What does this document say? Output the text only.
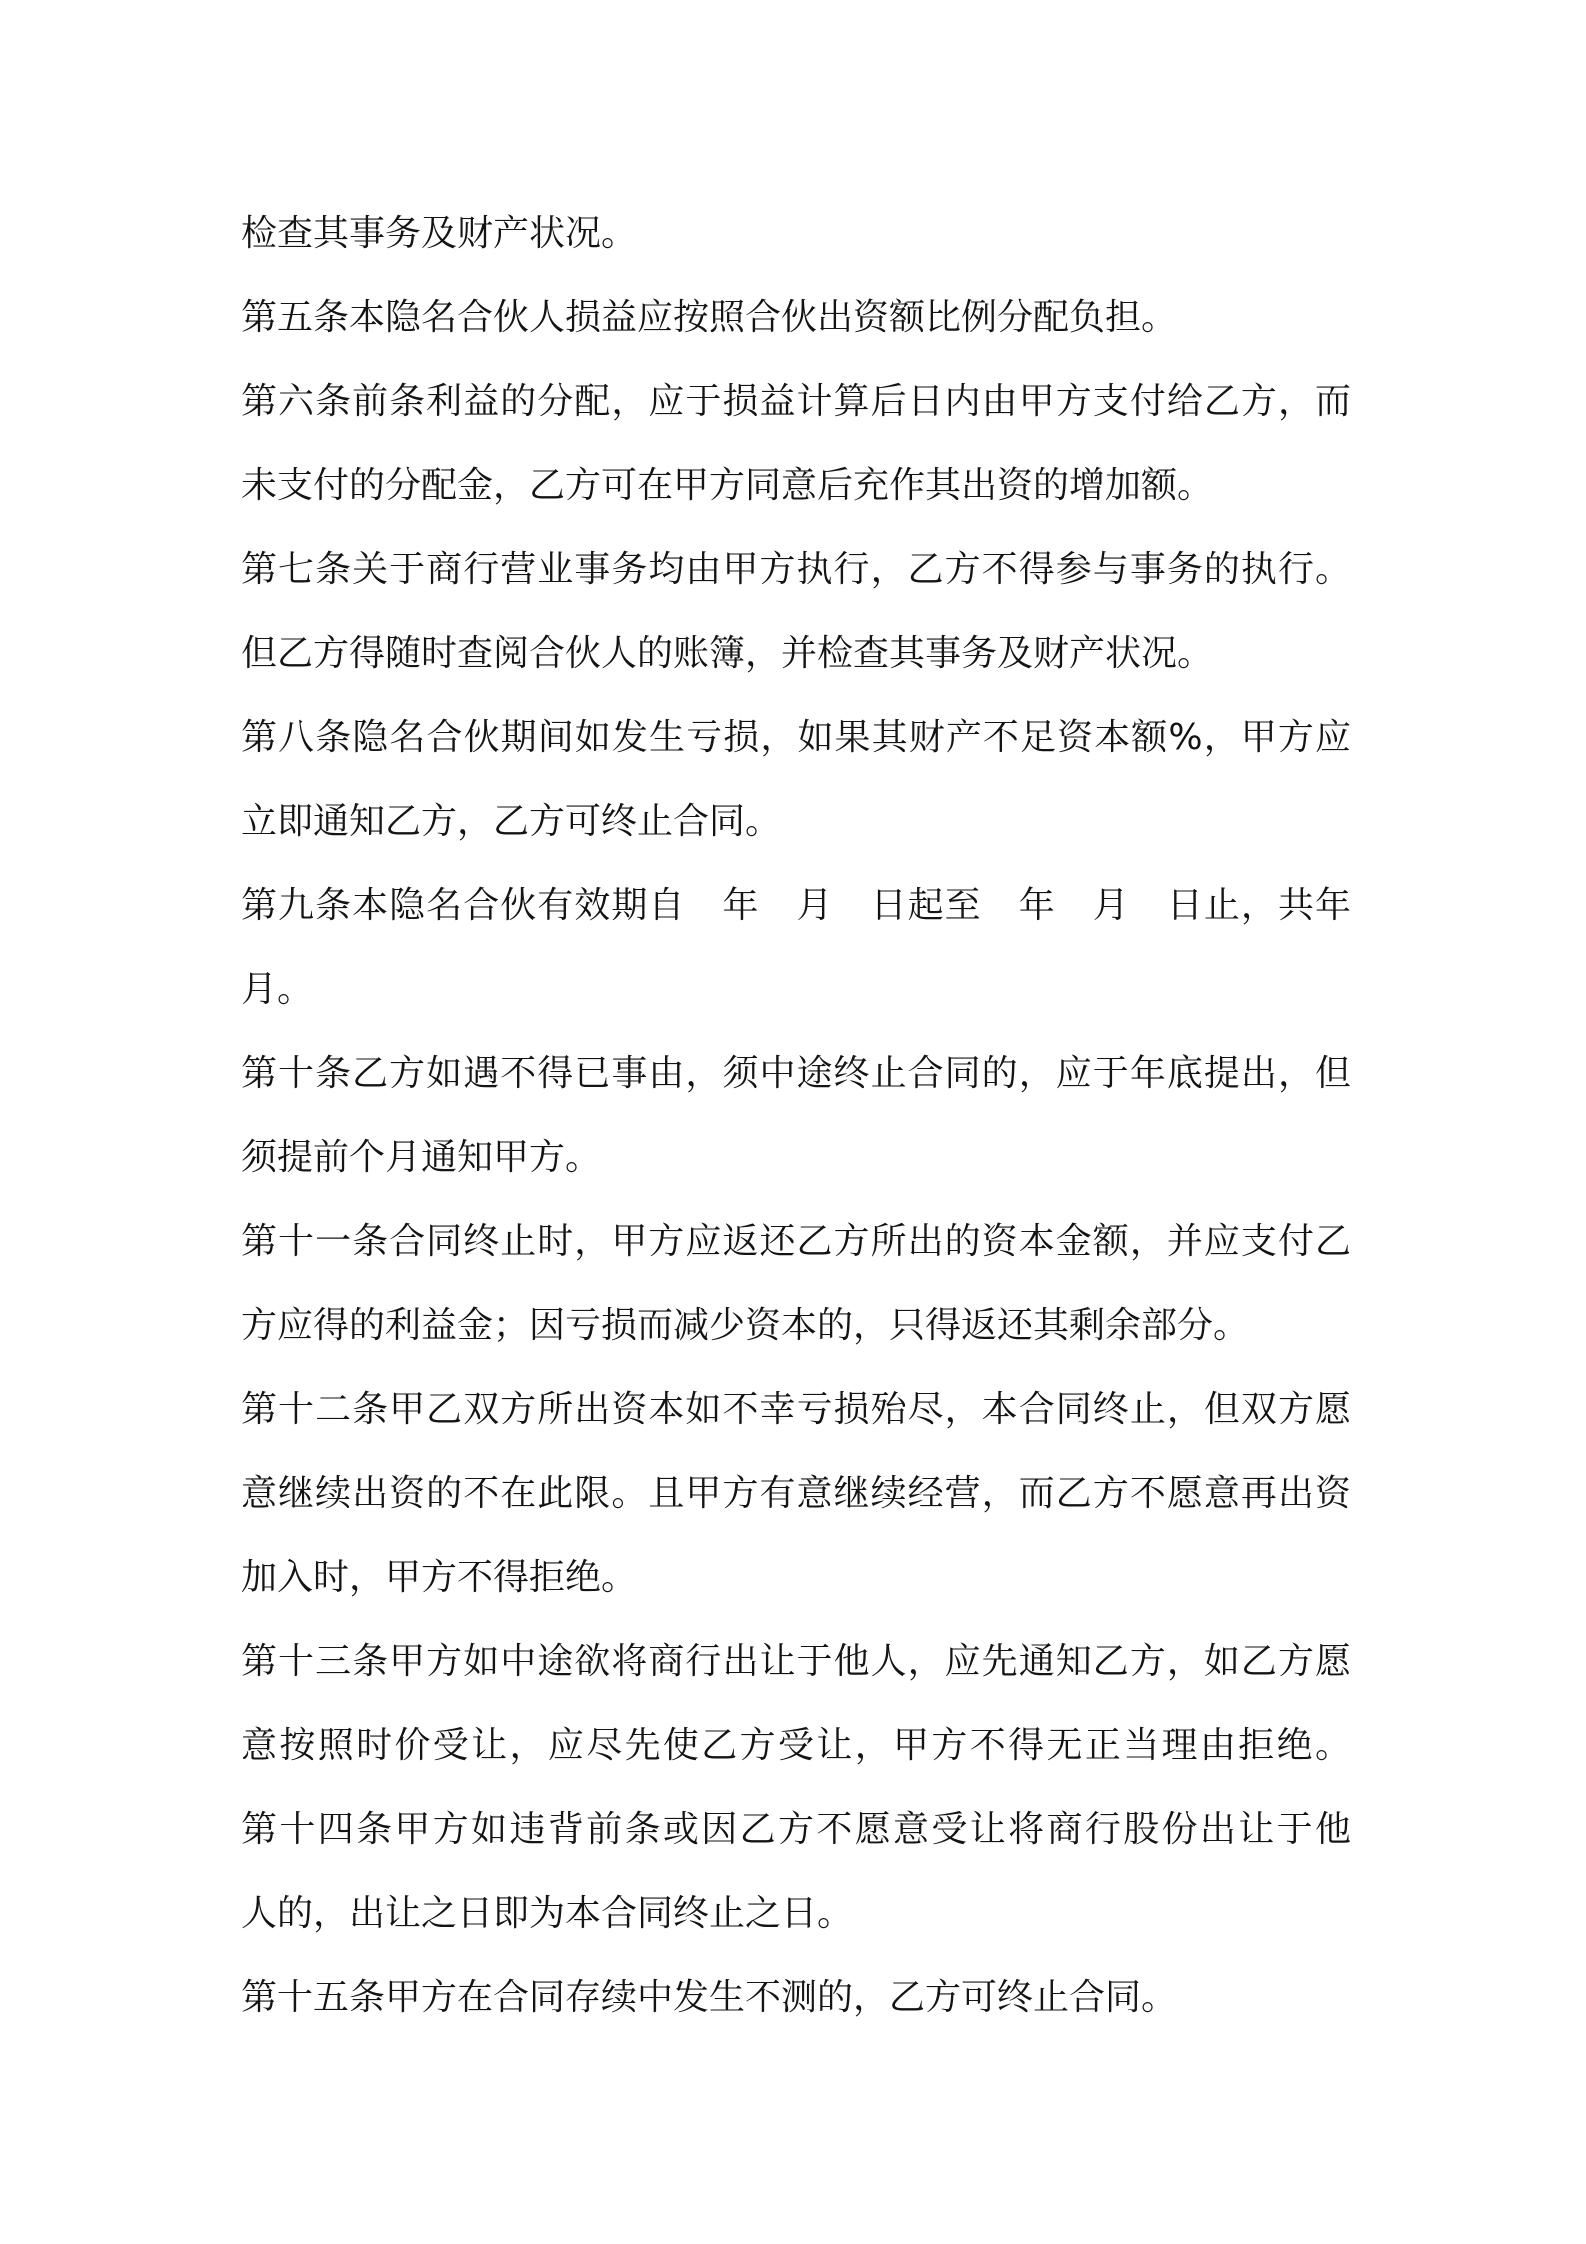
检查其事务及财产状况。
第五条本隐名合伙人损益应按照合伙出资额比例分配负担。
第六条前条利益的分配，应于损益计算后日内由甲方支付给乙方，而
未支付的分配金，乙方可在甲方同意后充作其出资的增加额。
第七条关于商行营业事务均由甲方执行，乙方不得参与事务的执行。
但乙方得随时查阅合伙人的账簿，并检查其事务及财产状况。
第八条隐名合伙期间如发生亏损，如果其财产不足资本额%，甲方应
立即通知乙方，乙方可终止合同。
第九条本隐名合伙有效期自　年　月　日起至　年　月　日止，共年
月。
第十条乙方如遇不得已事由，须中途终止合同的，应于年底提出，但
须提前个月通知甲方。
第十一条合同终止时，甲方应返还乙方所出的资本金额，并应支付乙
方应得的利益金；因亏损而减少资本的，只得返还其剩余部分。
第十二条甲乙双方所出资本如不幸亏损殆尽，本合同终止，但双方愿
意继续出资的不在此限。且甲方有意继续经营，而乙方不愿意再出资
加入时，甲方不得拒绝。
第十三条甲方如中途欲将商行出让于他人，应先通知乙方，如乙方愿
意按照时价受让，应尽先使乙方受让，甲方不得无正当理由拒绝。
第十四条甲方如违背前条或因乙方不愿意受让将商行股份出让于他
人的，出让之日即为本合同终止之日。
第十五条甲方在合同存续中发生不测的，乙方可终止合同。
